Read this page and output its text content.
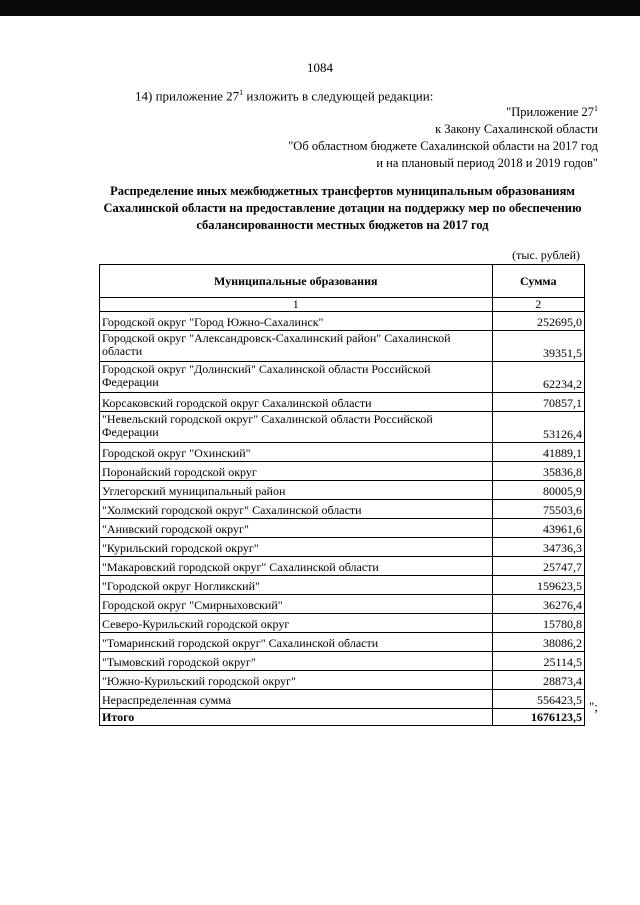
1084
14) приложение $27^1$ изложить в следующей редакции:
"Приложение $27^1$
к Закону Сахалинской области
"Об областном бюджете Сахалинской области на 2017 год
и на плановый период 2018 и 2019 годов"
Распределение иных межбюджетных трансфертов муниципальным образованиям Сахалинской области на предоставление дотации на поддержку мер по обеспечению сбалансированности местных бюджетов на 2017 год
(тыс. рублей)
Муниципальные образования	Сумма
1	2
Городской округ "Город Южно-Сахалинск"	252695,0
Городской округ "Александровск-Сахалинский район" Сахалинской области	39351,5
Городской округ "Долинский" Сахалинской области Российской Федерации	62234,2
Корсаковский городской округ Сахалинской области	70857,1
"Невельский городской округ" Сахалинской области Российской Федерации	53126,4
Городской округ "Охинский"	41889,1
Поронайский городской округ	35836,8
Углегорский муниципальный район	80005,9
"Холмский городской округ" Сахалинской области	75503,6
"Анивский городской округ"	43961,6
"Курильский городской округ"	34736,3
"Макаровский городской округ" Сахалинской области	25747,7
"Городской округ Ногликский"	159623,5
Городской округ "Смирныховский"	36276,4
Северо-Курильский городской округ	15780,8
"Томаринский городской округ" Сахалинской области	38086,2
"Тымовский городской округ"	25114,5
"Южно-Курильский городской округ"	28873,4
Нераспределенная сумма	556423,5
Итого	1676123,5
";
